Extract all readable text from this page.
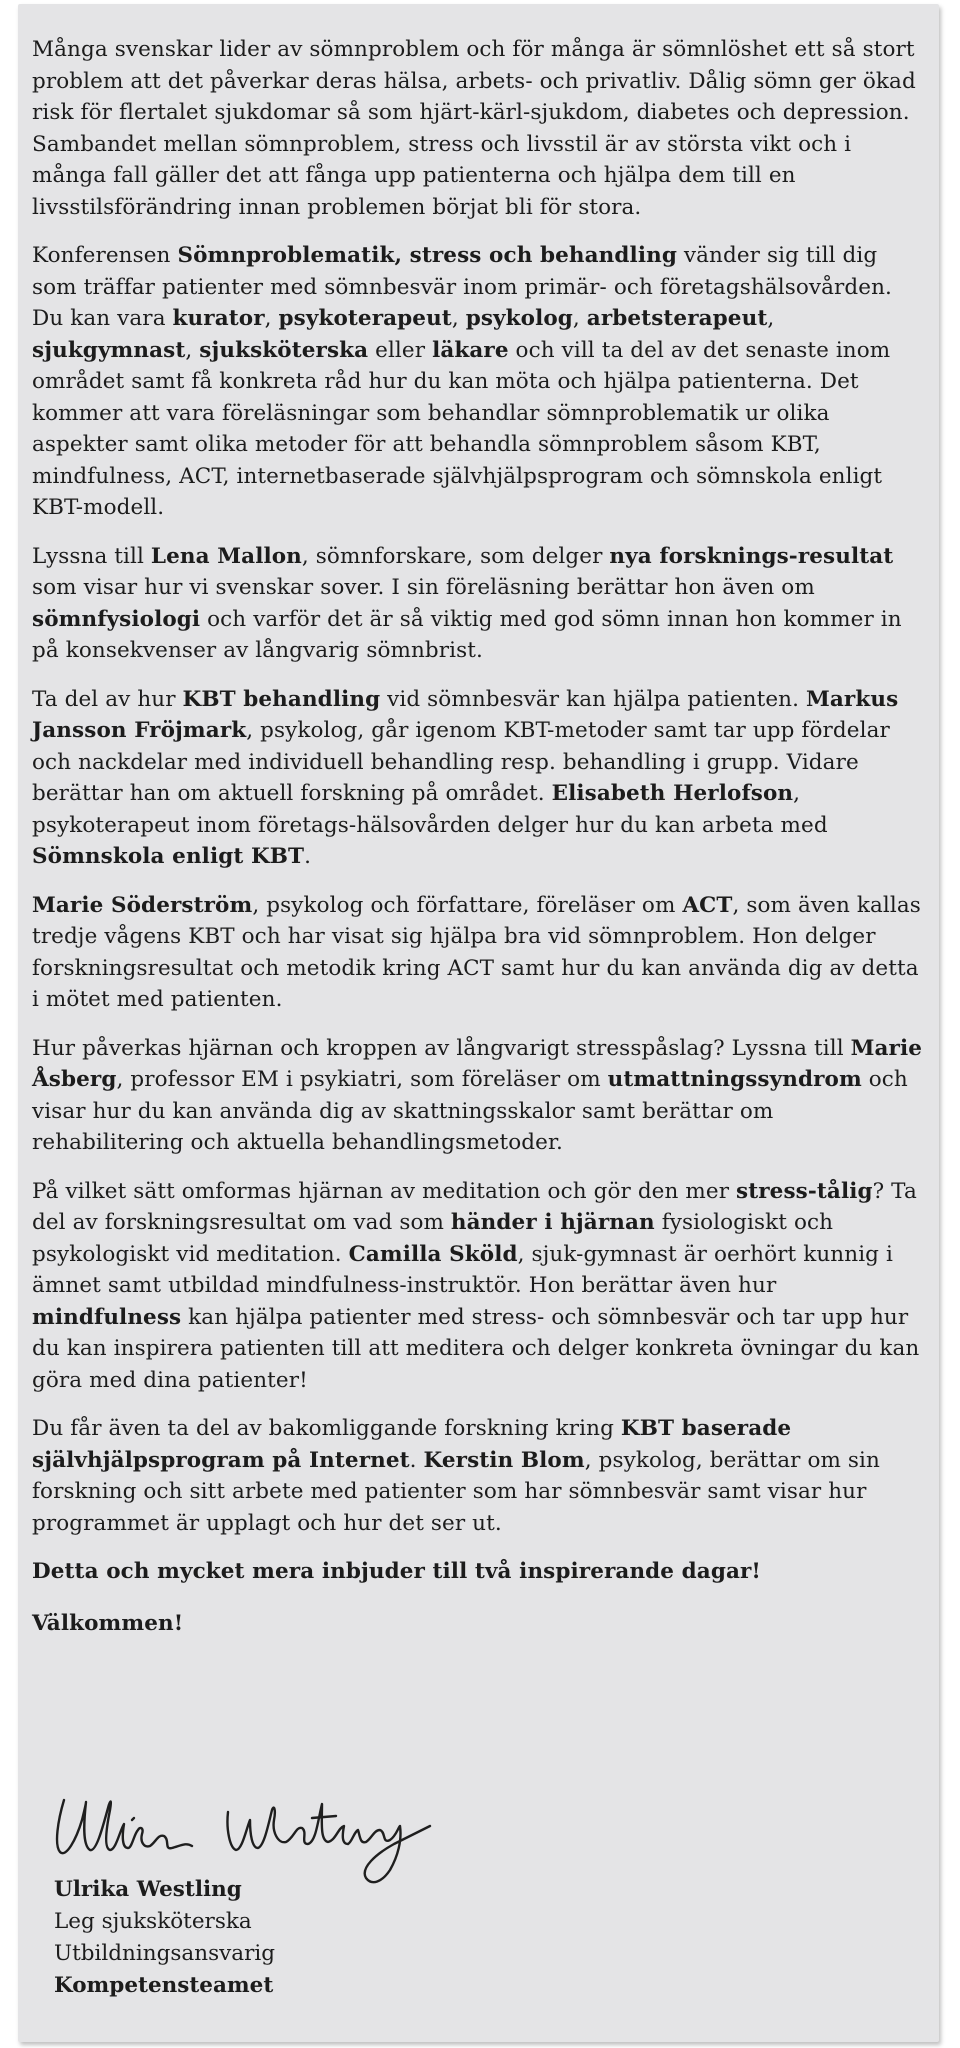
Många svenskar lider av sömnproblem och för många är sömnlöshet ett så stort problem att det påverkar deras hälsa, arbets- och privatliv. Dålig sömn ger ökad risk för flertalet sjukdomar så som hjärt-kärl-sjukdom, diabetes och depression. Sambandet mellan sömnproblem, stress och livsstil är av största vikt och i många fall gäller det att fånga upp patienterna och hjälpa dem till en livsstilsförändring innan problemen börjat bli för stora.

Konferensen Sömnproblematik, stress och behandling vänder sig till dig som träffar patienter med sömnbesvär inom primär- och företagshälsovården. Du kan vara kurator, psykoterapeut, psykolog, arbetsterapeut, sjukgymnast, sjuksköterska eller läkare och vill ta del av det senaste inom området samt få konkreta råd hur du kan möta och hjälpa patienterna. Det kommer att vara föreläsningar som behandlar sömnproblematik ur olika aspekter samt olika metoder för att behandla sömnproblem såsom KBT, mindfulness, ACT, internetbaserade självhjälpsprogram och sömnskola enligt KBT-modell.

Lyssna till Lena Mallon, sömnforskare, som delger nya forsknings-resultat som visar hur vi svenskar sover. I sin föreläsning berättar hon även om sömnfysiologi och varför det är så viktig med god sömn innan hon kommer in på konsekvenser av långvarig sömnbrist.

Ta del av hur KBT behandling vid sömnbesvär kan hjälpa patienten. Markus Jansson Fröjmark, psykolog, går igenom KBT-metoder samt tar upp fördelar och nackdelar med individuell behandling resp. behandling i grupp. Vidare berättar han om aktuell forskning på området. Elisabeth Herlofson, psykoterapeut inom företags-hälsovården delger hur du kan arbeta med Sömnskola enligt KBT.

Marie Söderström, psykolog och författare, föreläser om ACT, som även kallas tredje vågens KBT och har visat sig hjälpa bra vid sömnproblem. Hon delger forskningsresultat och metodik kring ACT samt hur du kan använda dig av detta i mötet med patienten.

Hur påverkas hjärnan och kroppen av långvarigt stresspåslag? Lyssna till Marie Åsberg, professor EM i psykiatri, som föreläser om utmattningssyndrom och visar hur du kan använda dig av skattningsskalor samt berättar om rehabilitering och aktuella behandlingsmetoder.

På vilket sätt omformas hjärnan av meditation och gör den mer stress-tålig? Ta del av forskningsresultat om vad som händer i hjärnan fysiologiskt och psykologiskt vid meditation. Camilla Sköld, sjuk-gymnast är oerhört kunnig i ämnet samt utbildad mindfulness-instruktör. Hon berättar även hur mindfulness kan hjälpa patienter med stress- och sömnbesvär och tar upp hur du kan inspirera patienten till att meditera och delger konkreta övningar du kan göra med dina patienter!

Du får även ta del av bakomliggande forskning kring KBT baserade självhjälpsprogram på Internet. Kerstin Blom, psykolog, berättar om sin forskning och sitt arbete med patienter som har sömnbesvär samt visar hur programmet är upplagt och hur det ser ut.

Detta och mycket mera inbjuder till två inspirerande dagar!

Välkommen!

Ulrika Westling
Leg sjuksköterska
Utbildningsansvarig
Kompetensteamet
